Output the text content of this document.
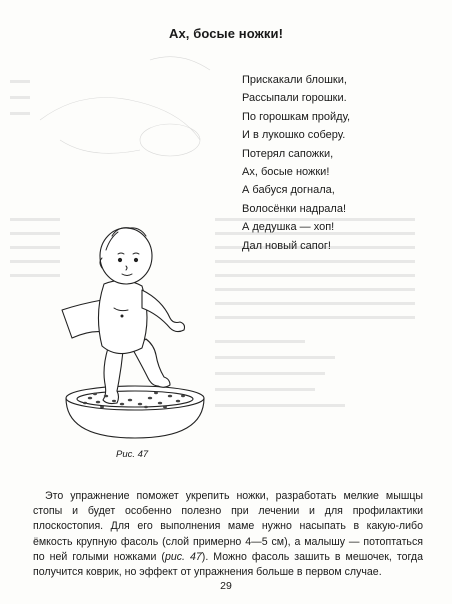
Ах, босые ножки!
Прискакали блошки,
Рассыпали горошки.
По горошкам пройду,
И в лукошко соберу.
Потерял сапожки,
Ах, босые ножки!
А бабуся догнала,
Волосёнки надрала!
А дедушка — хоп!
Дал новый сапог!
Рис. 47

Это упражнение поможет укрепить ножки, разработать мелкие мышцы стопы и будет особенно полезно при лечении и для профилактики плоскостопия. Для его выполнения маме нужно насыпать в какую-либо ёмкость крупную фасоль (слой примерно 4—5 см), а малышу — потоптаться по ней голыми ножками (рис. 47). Можно фасоль зашить в мешочек, тогда получится коврик, но эффект от упражнения больше в первом случае.

29
